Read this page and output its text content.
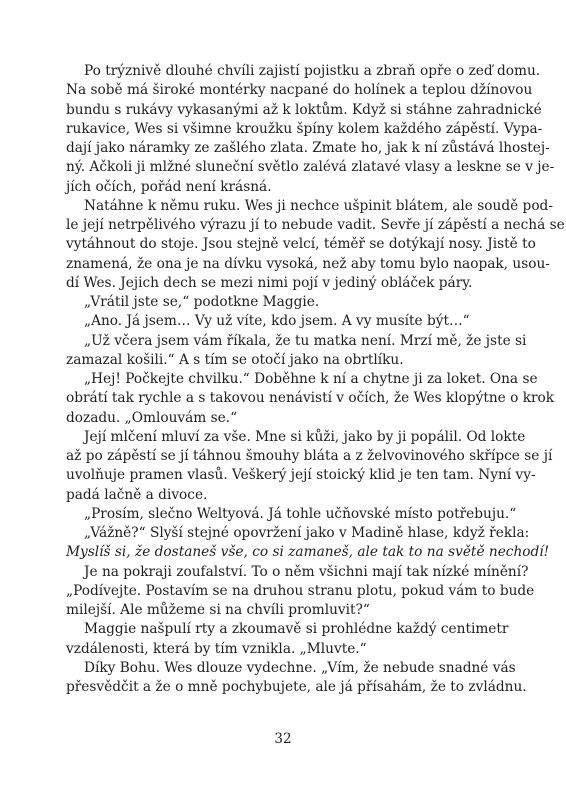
Po trýznivě dlouhé chvíli zajistí pojistku a zbraň opře o zeď domu.
Na sobě má široké montérky nacpané do holínek a teplou džínovou
bundu s rukávy vykasanými až k loktům. Když si stáhne zahradnické
rukavice, Wes si všimne kroužku špíny kolem každého zápěstí. Vypa-
dají jako náramky ze zašlého zlata. Zmate ho, jak k ní zůstává lhostej-
ný. Ačkoli ji mlžné sluneční světlo zalévá zlatavé vlasy a leskne se v je-
jích očích, pořád není krásná.
Natáhne k němu ruku. Wes ji nechce ušpinit blátem, ale soudě pod-
le její netrpělivého výrazu jí to nebude vadit. Sevře jí zápěstí a nechá se
vytáhnout do stoje. Jsou stejně velcí, téměř se dotýkají nosy. Jistě to
znamená, že ona je na dívku vysoká, než aby tomu bylo naopak, usou-
dí Wes. Jejich dech se mezi nimi pojí v jediný obláček páry.
„Vrátil jste se,“ podotkne Maggie.
„Ano. Já jsem… Vy už víte, kdo jsem. A vy musíte být…“
„Už včera jsem vám říkala, že tu matka není. Mrzí mě, že jste si
zamazal košili.“ A s tím se otočí jako na obrtlíku.
„Hej! Počkejte chvilku.“ Doběhne k ní a chytne ji za loket. Ona se
obrátí tak rychle a s takovou nenávistí v očích, že Wes klopýtne o krok
dozadu. „Omlouvám se.“
Její mlčení mluví za vše. Mne si kůži, jako by ji popálil. Od lokte
až po zápěstí se jí táhnou šmouhy bláta a z želvovinového skřípce se jí
uvolňuje pramen vlasů. Veškerý její stoický klid je ten tam. Nyní vy-
padá lačně a divoce.
„Prosím, slečno Weltyová. Já tohle učňovské místo potřebuju.“
„Vážně?“ Slyší stejné opovržení jako v Madině hlase, když řekla:
Myslíš si, že dostaneš vše, co si zamaneš, ale tak to na světě nechodí!
Je na pokraji zoufalství. To o něm všichni mají tak nízké mínění?
„Podívejte. Postavím se na druhou stranu plotu, pokud vám to bude
milejší. Ale můžeme si na chvíli promluvit?“
Maggie našpulí rty a zkoumavě si prohlédne každý centimetr
vzdálenosti, která by tím vznikla. „Mluvte.“
Díky Bohu. Wes dlouze vydechne. „Vím, že nebude snadné vás
přesvědčit a že o mně pochybujete, ale já přísahám, že to zvládnu.
32
